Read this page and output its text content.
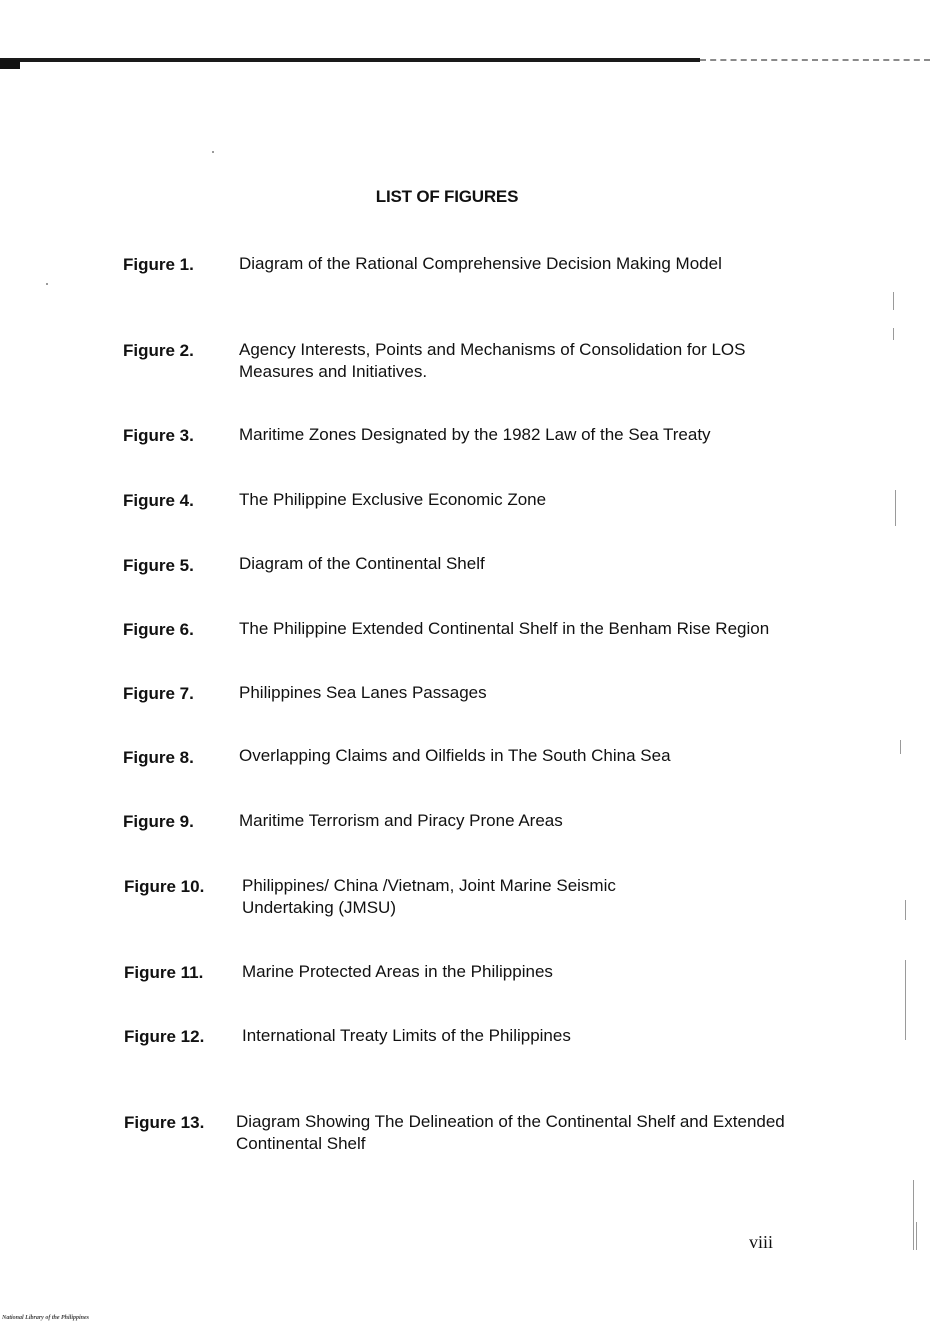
LIST OF FIGURES
Figure 1.	Diagram of the Rational Comprehensive Decision Making Model
Figure 2.	Agency Interests, Points and Mechanisms of Consolidation for LOS Measures and Initiatives.
Figure 3.	Maritime Zones Designated by the 1982 Law of the Sea Treaty
Figure 4.	The Philippine Exclusive Economic Zone
Figure 5.	Diagram of the Continental Shelf
Figure 6.	The Philippine Extended Continental Shelf in the Benham Rise Region
Figure 7.	Philippines Sea Lanes Passages
Figure 8.	Overlapping Claims and Oilfields in The South China Sea
Figure 9.	Maritime Terrorism and Piracy Prone Areas
Figure 10. Philippines/ China /Vietnam, Joint Marine Seismic Undertaking (JMSU)
Figure 11. Marine Protected Areas in the Philippines
Figure 12. International Treaty Limits of the Philippines
Figure 13. Diagram Showing The Delineation of the Continental Shelf and Extended Continental Shelf
viii
National Library of the Philippines
